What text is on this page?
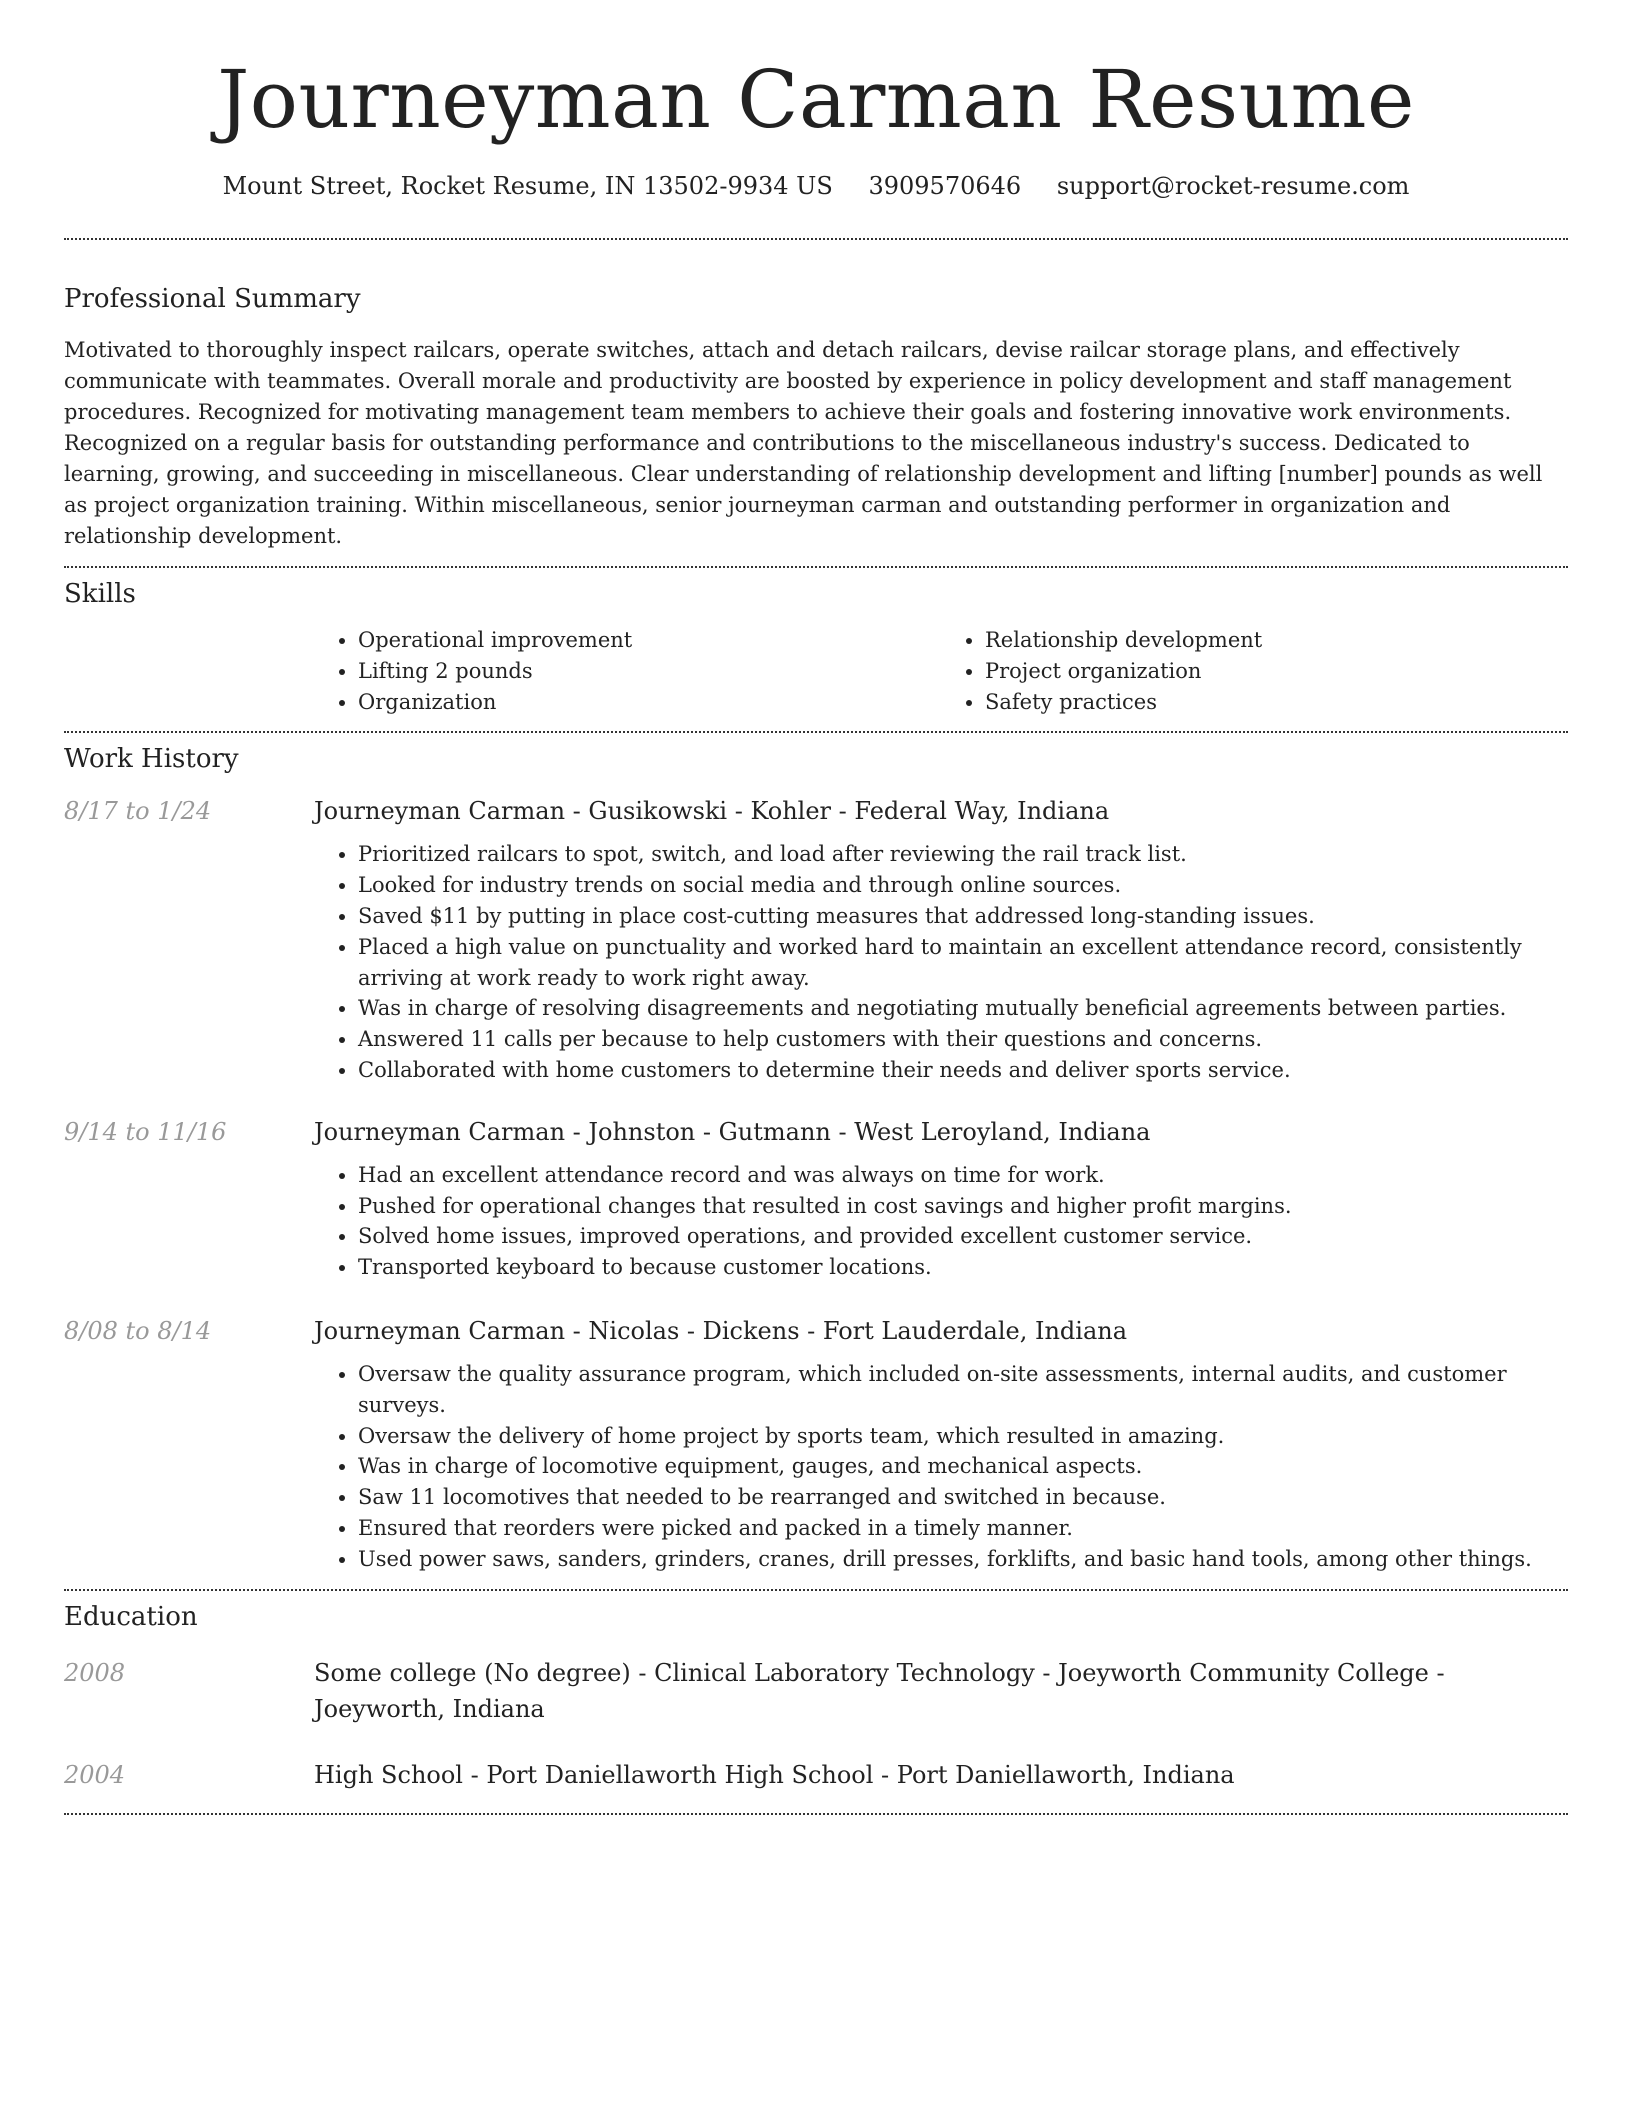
Journeyman Carman Resume
Mount Street, Rocket Resume, IN 13502-9934 US 3909570646 support@rocket-resume.com
Professional Summary

Motivated to thoroughly inspect railcars, operate switches, attach and detach railcars, devise railcar storage plans, and effectively communicate with teammates. Overall morale and productivity are boosted by experience in policy development and staff management procedures. Recognized for motivating management team members to achieve their goals and fostering innovative work environments. Recognized on a regular basis for outstanding performance and contributions to the miscellaneous industry's success. Dedicated to learning, growing, and succeeding in miscellaneous. Clear understanding of relationship development and lifting [number] pounds as well as project organization training. Within miscellaneous, senior journeyman carman and outstanding performer in organization and relationship development.

Skills
• Operational improvement
• Lifting 2 pounds
• Organization
• Relationship development
• Project organization
• Safety practices
Work History
8/17 to 1/24	Journeyman Carman - Gusikowski - Kohler - Federal Way, Indiana
• Prioritized railcars to spot, switch, and load after reviewing the rail track list.
• Looked for industry trends on social media and through online sources.
• Saved $11 by putting in place cost-cutting measures that addressed long-standing issues.
• Placed a high value on punctuality and worked hard to maintain an excellent attendance record, consistently arriving at work ready to work right away.
• Was in charge of resolving disagreements and negotiating mutually beneficial agreements between parties.
• Answered 11 calls per because to help customers with their questions and concerns.
• Collaborated with home customers to determine their needs and deliver sports service.
9/14 to 11/16	Journeyman Carman - Johnston - Gutmann - West Leroyland, Indiana
• Had an excellent attendance record and was always on time for work.
• Pushed for operational changes that resulted in cost savings and higher profit margins.
• Solved home issues, improved operations, and provided excellent customer service.
• Transported keyboard to because customer locations.
8/08 to 8/14	Journeyman Carman - Nicolas - Dickens - Fort Lauderdale, Indiana
• Oversaw the quality assurance program, which included on-site assessments, internal audits, and customer surveys.
• Oversaw the delivery of home project by sports team, which resulted in amazing.
• Was in charge of locomotive equipment, gauges, and mechanical aspects.
• Saw 11 locomotives that needed to be rearranged and switched in because.
• Ensured that reorders were picked and packed in a timely manner.
• Used power saws, sanders, grinders, cranes, drill presses, forklifts, and basic hand tools, among other things.
Education
2008	Some college (No degree) - Clinical Laboratory Technology - Joeyworth Community College - Joeyworth, Indiana
2004	High School - Port Daniellaworth High School - Port Daniellaworth, Indiana
